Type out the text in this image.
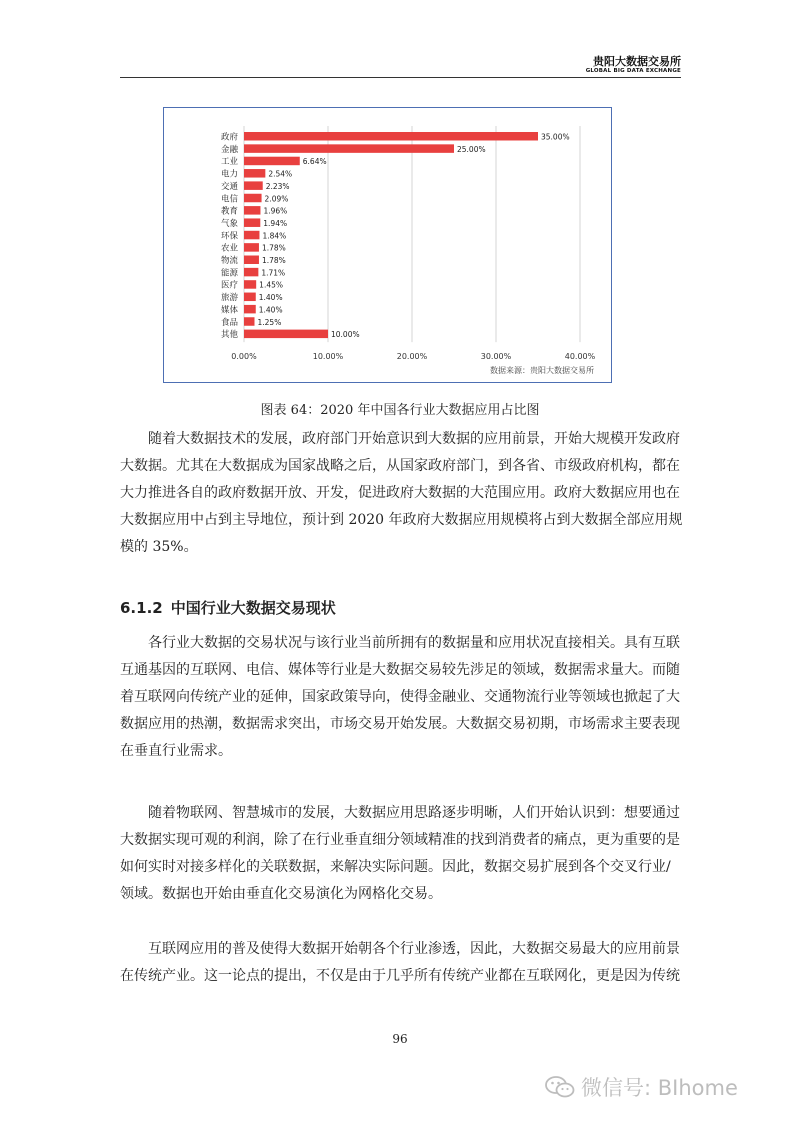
贵阳大数据交易所
GLOBAL BIG DATA EXCHANGE
0.00%	10.00%	20.00%	30.00%	40.00%
政府	35.00%
金融	25.00%
工业	6.64%
电力	2.54%
交通	2.23%
电信	2.09%
教育	1.96%
气象	1.94%
环保	1.84%
农业	1.78%
物流	1.78%
能源	1.71%
医疗	1.45%
旅游	1.40%
媒体	1.40%
食品	1.25%
其他	10.00%
数据来源：贵阳大数据交易所
图表 64：2020 年中国各行业大数据应用占比图
随着大数据技术的发展，政府部门开始意识到大数据的应用前景，开始大规模开发政府
大数据。尤其在大数据成为国家战略之后，从国家政府部门，到各省、市级政府机构，都在
大力推进各自的政府数据开放、开发，促进政府大数据的大范围应用。政府大数据应用也在
大数据应用中占到主导地位，预计到 2020 年政府大数据应用规模将占到大数据全部应用规
模的 35%。
6.1.2 中国行业大数据交易现状
各行业大数据的交易状况与该行业当前所拥有的数据量和应用状况直接相关。具有互联
互通基因的互联网、电信、媒体等行业是大数据交易较先涉足的领域，数据需求量大。而随
着互联网向传统产业的延伸，国家政策导向，使得金融业、交通物流行业等领域也掀起了大
数据应用的热潮，数据需求突出，市场交易开始发展。大数据交易初期，市场需求主要表现
在垂直行业需求。
随着物联网、智慧城市的发展，大数据应用思路逐步明晰，人们开始认识到：想要通过
大数据实现可观的利润，除了在行业垂直细分领域精准的找到消费者的痛点，更为重要的是
如何实时对接多样化的关联数据，来解决实际问题。因此，数据交易扩展到各个交叉行业/
领域。数据也开始由垂直化交易演化为网格化交易。
互联网应用的普及使得大数据开始朝各个行业渗透，因此，大数据交易最大的应用前景
在传统产业。这一论点的提出，不仅是由于几乎所有传统产业都在互联网化，更是因为传统
96
微信号: BIhome
